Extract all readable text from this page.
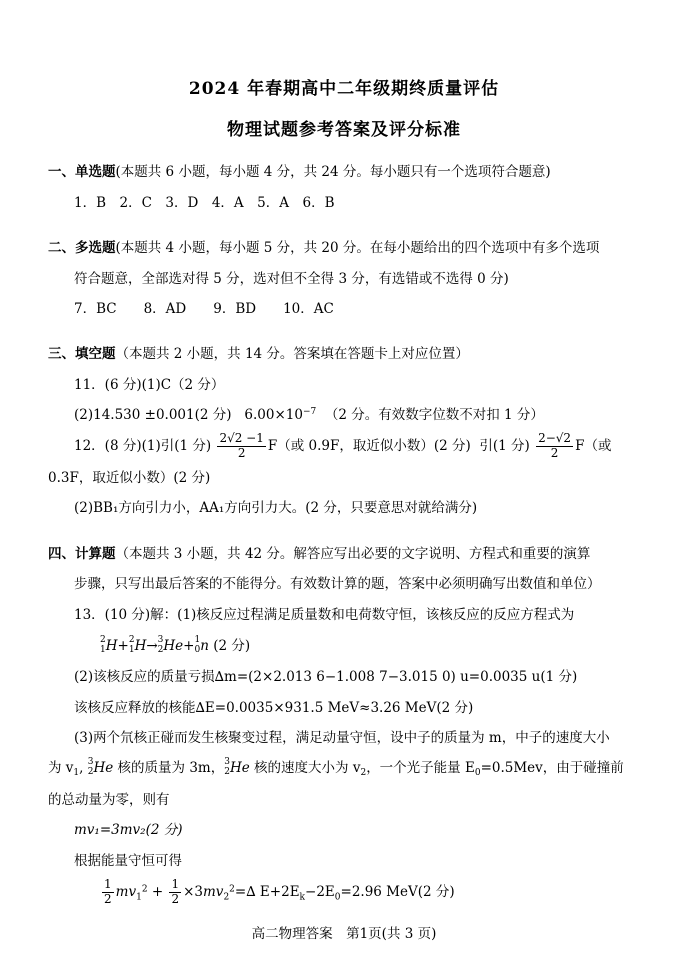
2024 年春期高中二年级期终质量评估
物理试题参考答案及评分标准
一、单选题(本题共 6 小题，每小题 4 分，共 24 分。每小题只有一个选项符合题意)
1．B　2．C　3．D　4．A　5．A　6．B
二、多选题(本题共 4 小题，每小题 5 分，共 20 分。在每小题给出的四个选项中有多个选项
符合题意，全部选对得 5 分，选对但不全得 3 分，有选错或不选得 0 分)
7．BC　　8．AD　　9．BD　　10．AC
三、填空题（本题共 2 小题，共 14 分。答案填在答题卡上对应位置）
11．(6 分)(1)C（2 分）
(2)14.530 ±0.001(2 分) $6.00\times 10^{-7}$ （2 分。有效数字位数不对扣 1 分）
12．(8 分)(1)引(1 分) $\frac{2√2 -1}{2} F$（或 0.9F，取近似小数）(2 分) 引(1 分) $\frac{2-√2}{2} F$（或
0.3F，取近似小数）(2 分)
(2)BB₁方向引力小，AA₁方向引力大。(2 分，只要意思对就给满分)
四、计算题（本题共 3 小题，共 42 分。解答应写出必要的文字说明、方程式和重要的演算
步骤，只写出最后答案的不能得分。有效数计算的题，答案中必须明确写出数值和单位）
13．(10 分)解：(1)核反应过程满足质量数和电荷数守恒，该核反应的反应方程式为
2
1 H+ 2
1 H→ 3
2 He+ 1
0 n (2 分)
(2)该核反应的质量亏损∆m=(2×2.013 6−1.008 7−3.015 0) u=0.0035 u(1 分)
该核反应释放的核能∆E=0.0035×931.5 MeV≈3.26 MeV(2 分)
(3)两个氘核正碰而发生核聚变过程，满足动量守恒，设中子的质量为 m，中子的速度大小
为 $v_1$, 3
2 He 核的质量为 3m， 3
2 He 核的速度大小为 $v_2$，一个光子能量 $E_0=0.5Mev$，由于碰撞前
的总动量为零，则有
mv₁=3mv₂(2 分)
根据能量守恒可得
$\frac{1}{2} mv_1^2 + \frac{1}{2} \times 3mv_2^2=\Delta$ $E+2E_k-2E_0=2.96$ MeV(2 分)
高二物理答案　第1页(共 3 页)
